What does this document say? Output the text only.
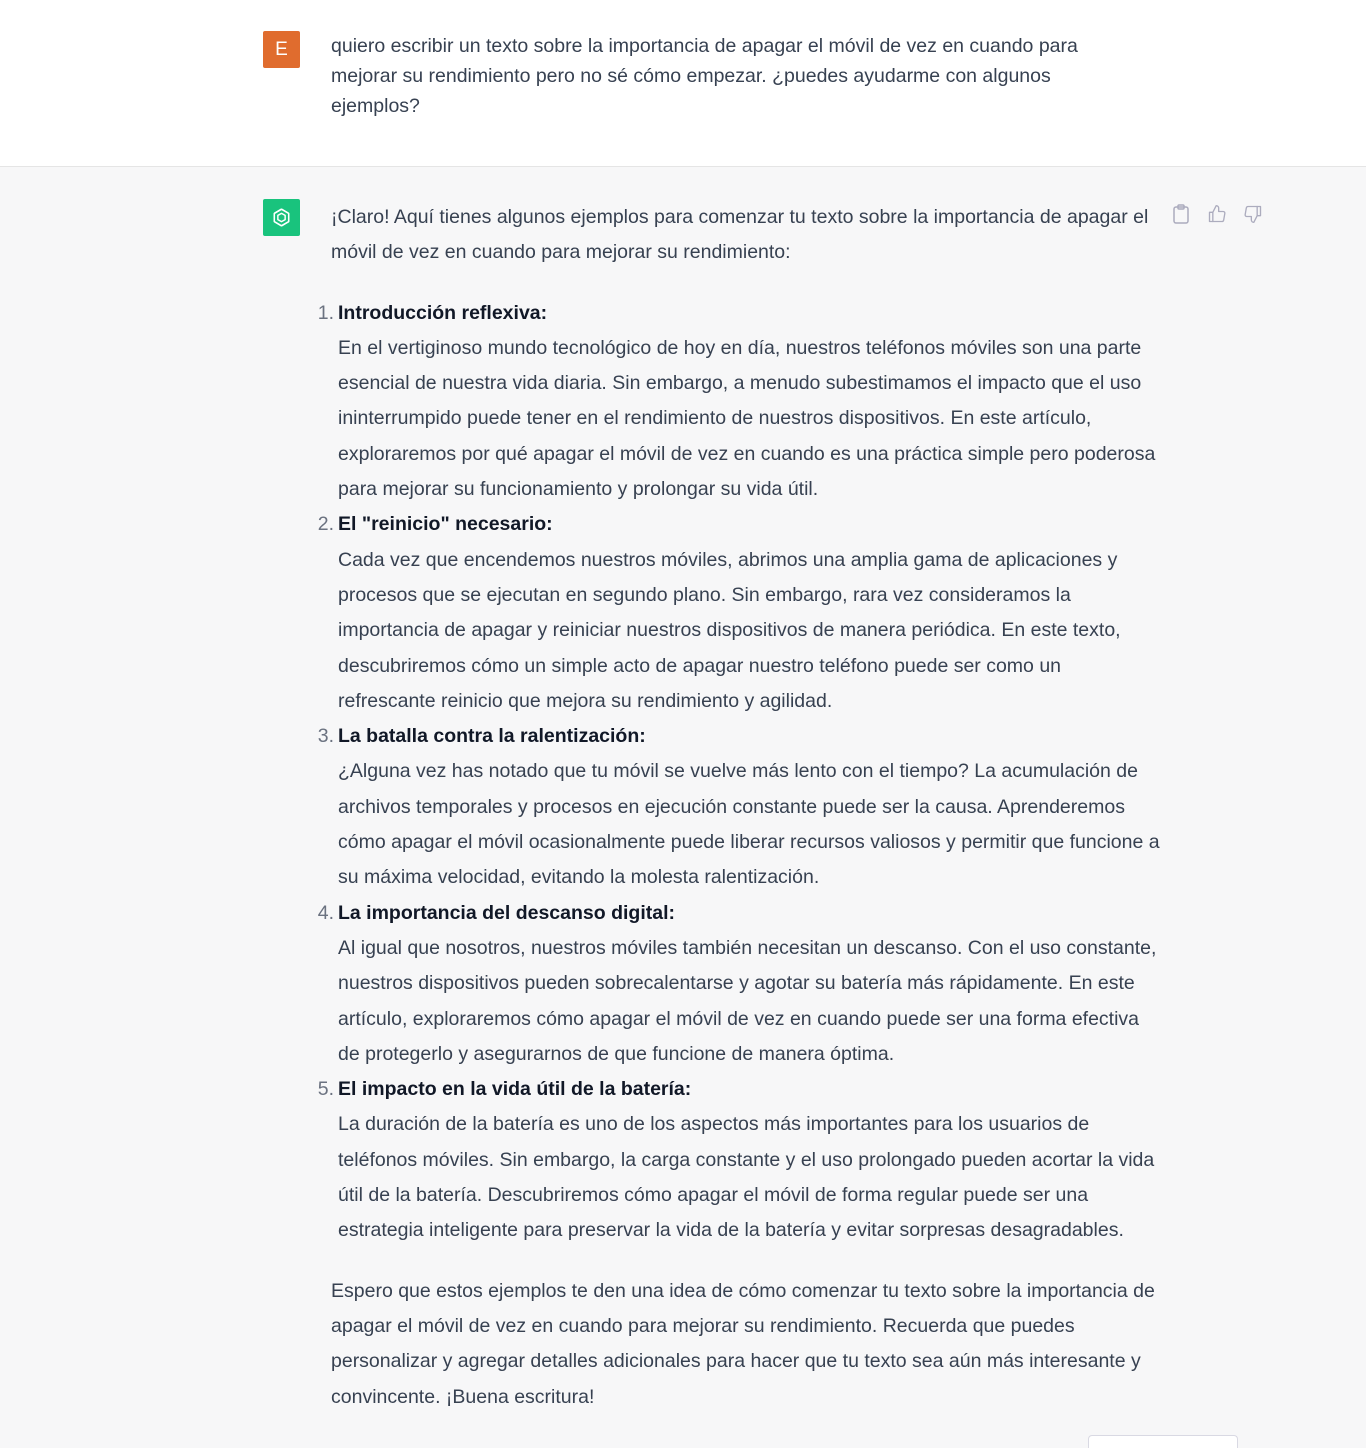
E	quiero escribir un texto sobre la importancia de apagar el móvil de vez en cuando para mejorar su rendimiento pero no sé cómo empezar. ¿puedes ayudarme con algunos ejemplos?

¡Claro! Aquí tienes algunos ejemplos para comenzar tu texto sobre la importancia de apagar el móvil de vez en cuando para mejorar su rendimiento:

1. Introducción reflexiva:
En el vertiginoso mundo tecnológico de hoy en día, nuestros teléfonos móviles son una parte esencial de nuestra vida diaria. Sin embargo, a menudo subestimamos el impacto que el uso ininterrumpido puede tener en el rendimiento de nuestros dispositivos. En este artículo, exploraremos por qué apagar el móvil de vez en cuando es una práctica simple pero poderosa para mejorar su funcionamiento y prolongar su vida útil.
2. El "reinicio" necesario:
Cada vez que encendemos nuestros móviles, abrimos una amplia gama de aplicaciones y procesos que se ejecutan en segundo plano. Sin embargo, rara vez consideramos la importancia de apagar y reiniciar nuestros dispositivos de manera periódica. En este texto, descubriremos cómo un simple acto de apagar nuestro teléfono puede ser como un refrescante reinicio que mejora su rendimiento y agilidad.
3. La batalla contra la ralentización:
¿Alguna vez has notado que tu móvil se vuelve más lento con el tiempo? La acumulación de archivos temporales y procesos en ejecución constante puede ser la causa. Aprenderemos cómo apagar el móvil ocasionalmente puede liberar recursos valiosos y permitir que funcione a su máxima velocidad, evitando la molesta ralentización.
4. La importancia del descanso digital:
Al igual que nosotros, nuestros móviles también necesitan un descanso. Con el uso constante, nuestros dispositivos pueden sobrecalentarse y agotar su batería más rápidamente. En este artículo, exploraremos cómo apagar el móvil de vez en cuando puede ser una forma efectiva de protegerlo y asegurarnos de que funcione de manera óptima.
5. El impacto en la vida útil de la batería:
La duración de la batería es uno de los aspectos más importantes para los usuarios de teléfonos móviles. Sin embargo, la carga constante y el uso prolongado pueden acortar la vida útil de la batería. Descubriremos cómo apagar el móvil de forma regular puede ser una estrategia inteligente para preservar la vida de la batería y evitar sorpresas desagradables.

Espero que estos ejemplos te den una idea de cómo comenzar tu texto sobre la importancia de apagar el móvil de vez en cuando para mejorar su rendimiento. Recuerda que puedes personalizar y agregar detalles adicionales para hacer que tu texto sea aún más interesante y convincente. ¡Buena escritura!
